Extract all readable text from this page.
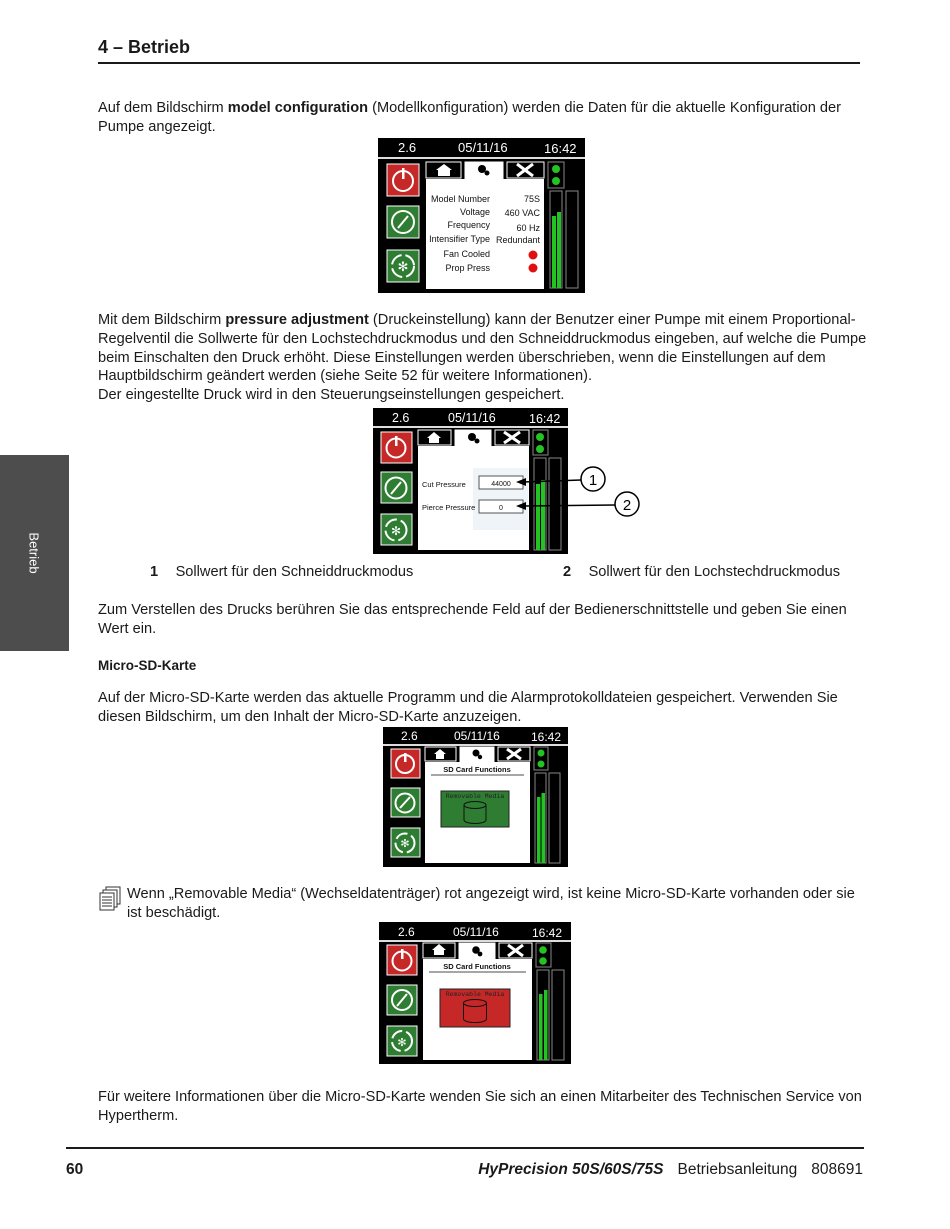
4 – Betrieb
Betrieb
Auf dem Bildschirm model configuration (Modellkonfiguration) werden die Daten für die aktuelle Konfiguration der Pumpe angezeigt.
2.6	05/11/16	16:42
✻
Model Number	75S
Voltage 460 VAC
Frequency	60 Hz
Intensifier Type Redundant
Fan Cooled
Prop Press
Mit dem Bildschirm pressure adjustment (Druckeinstellung) kann der Benutzer einer Pumpe mit einem Proportional-Regelventil die Sollwerte für den Lochstechdruckmodus und den Schneiddruckmodus eingeben, auf welche die Pumpe beim Einschalten den Druck erhöht. Diese Einstellungen werden überschrieben, wenn die Einstellungen auf dem Hauptbildschirm geändert werden (siehe Seite 52 für weitere Informationen).
Der eingestellte Druck wird in den Steuerungseinstellungen gespeichert.
2.6	05/11/16	16:42
✻
Cut Pressure	44000
Pierce Pressure	0
1
2
1 Sollwert für den Schneiddruckmodus	2 Sollwert für den Lochstechdruckmodus
Zum Verstellen des Drucks berühren Sie das entsprechende Feld auf der Bedienerschnittstelle und geben Sie einen Wert ein.
Micro-SD-Karte
Auf der Micro-SD-Karte werden das aktuelle Programm und die Alarmprotokolldateien gespeichert. Verwenden Sie diesen Bildschirm, um den Inhalt der Micro-SD-Karte anzuzeigen.
2.6	05/11/16	16:42
✻
SD Card Functions
Removable Media
Wenn „Removable Media“ (Wechseldatenträger) rot angezeigt wird, ist keine Micro-SD-Karte vorhanden oder sie ist beschädigt.
2.6	05/11/16	16:42
✻
SD Card Functions
Removable Media
Für weitere Informationen über die Micro-SD-Karte wenden Sie sich an einen Mitarbeiter des Technischen Service von Hypertherm.
60	HyPrecision 50S/60S/75S Betriebsanleitung 808691
